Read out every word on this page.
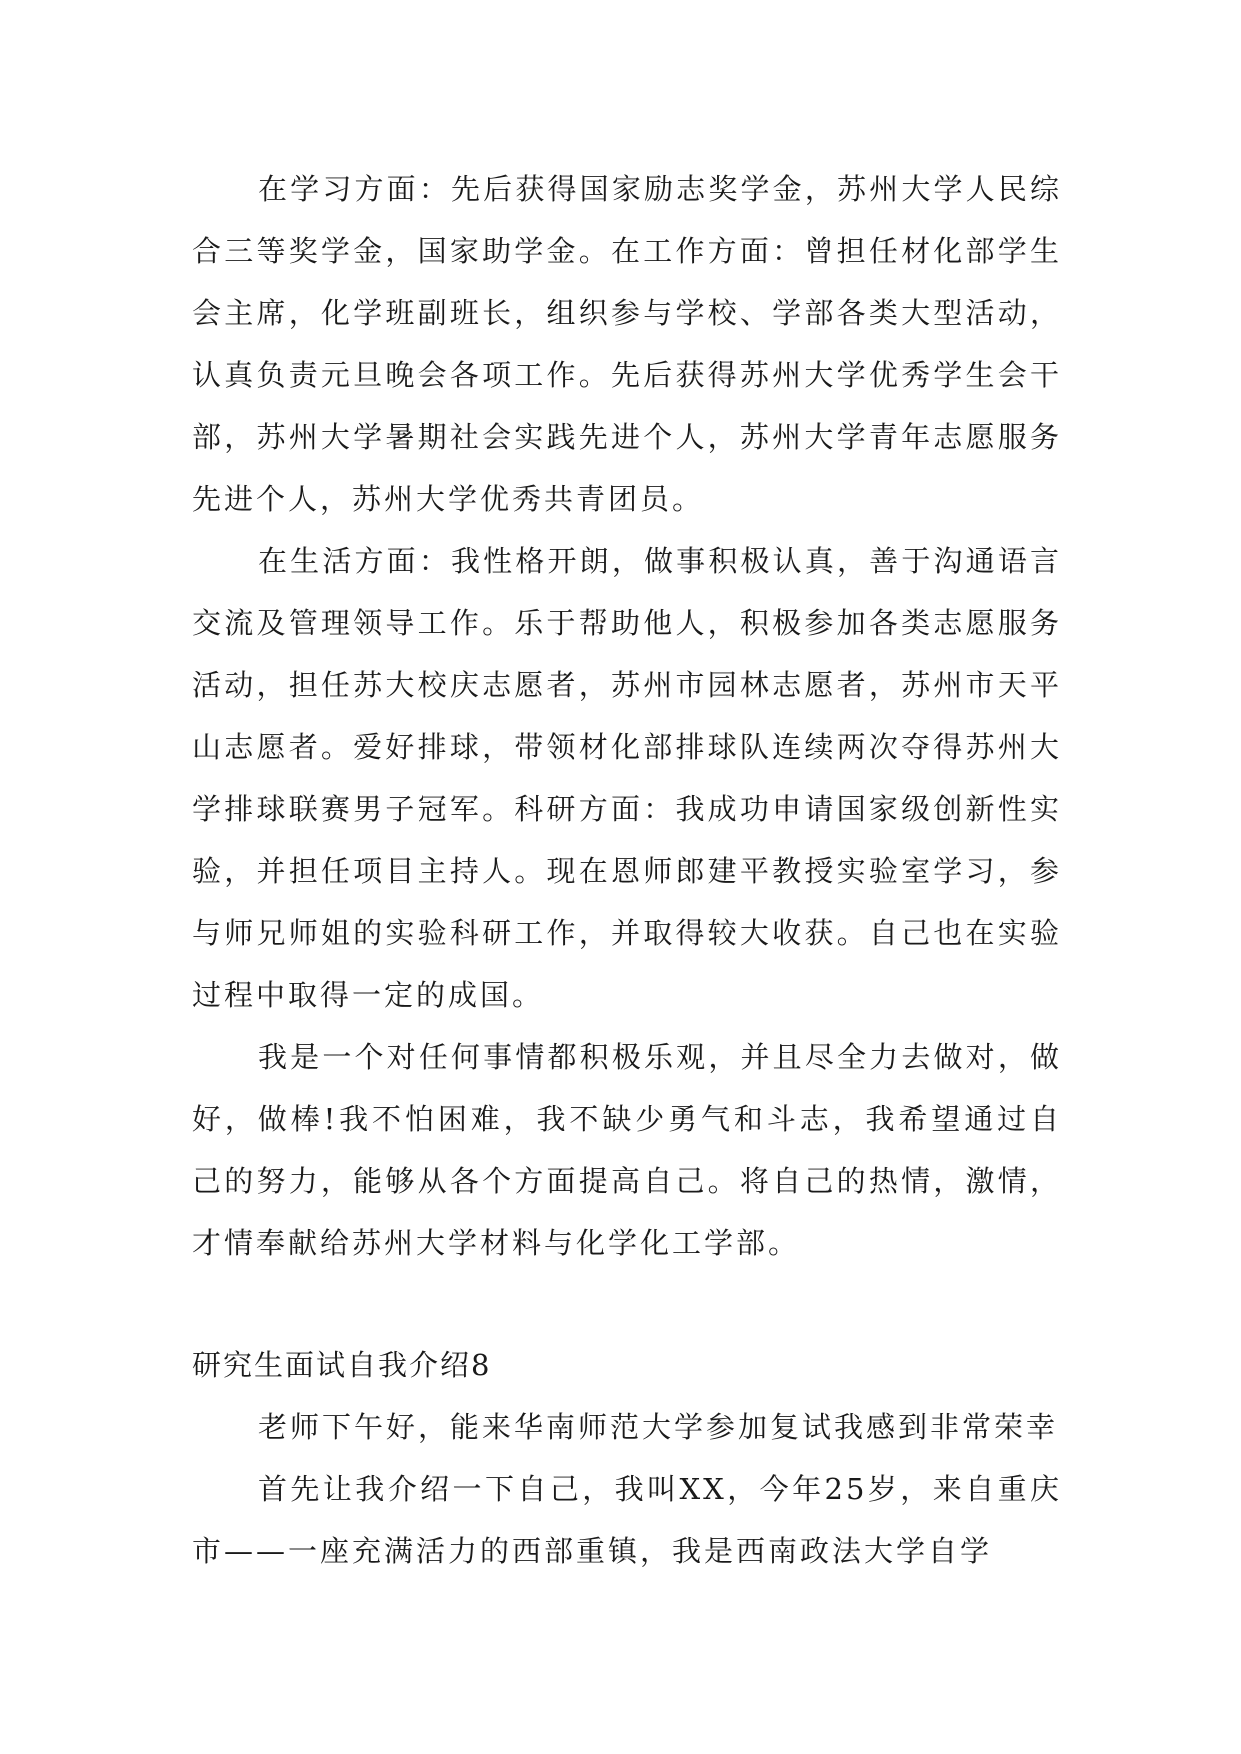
在学习方面：先后获得国家励志奖学金，苏州大学人民综合三等奖学金，国家助学金。在工作方面：曾担任材化部学生会主席，化学班副班长，组织参与学校、学部各类大型活动，认真负责元旦晚会各项工作。先后获得苏州大学优秀学生会干部，苏州大学暑期社会实践先进个人，苏州大学青年志愿服务先进个人，苏州大学优秀共青团员。

在生活方面：我性格开朗，做事积极认真，善于沟通语言交流及管理领导工作。乐于帮助他人，积极参加各类志愿服务活动，担任苏大校庆志愿者，苏州市园林志愿者，苏州市天平山志愿者。爱好排球，带领材化部排球队连续两次夺得苏州大学排球联赛男子冠军。科研方面：我成功申请国家级创新性实验，并担任项目主持人。现在恩师郎建平教授实验室学习，参与师兄师姐的实验科研工作，并取得较大收获。自己也在实验过程中取得一定的成国。

我是一个对任何事情都积极乐观，并且尽全力去做对，做好，做棒!我不怕困难，我不缺少勇气和斗志，我希望通过自己的努力，能够从各个方面提高自己。将自己的热情，激情，才情奉献给苏州大学材料与化学化工学部。

研究生面试自我介绍8

老师下午好，能来华南师范大学参加复试我感到非常荣幸

首先让我介绍一下自己，我叫XX，今年25岁，来自重庆市——一座充满活力的西部重镇，我是西南政法大学自学
